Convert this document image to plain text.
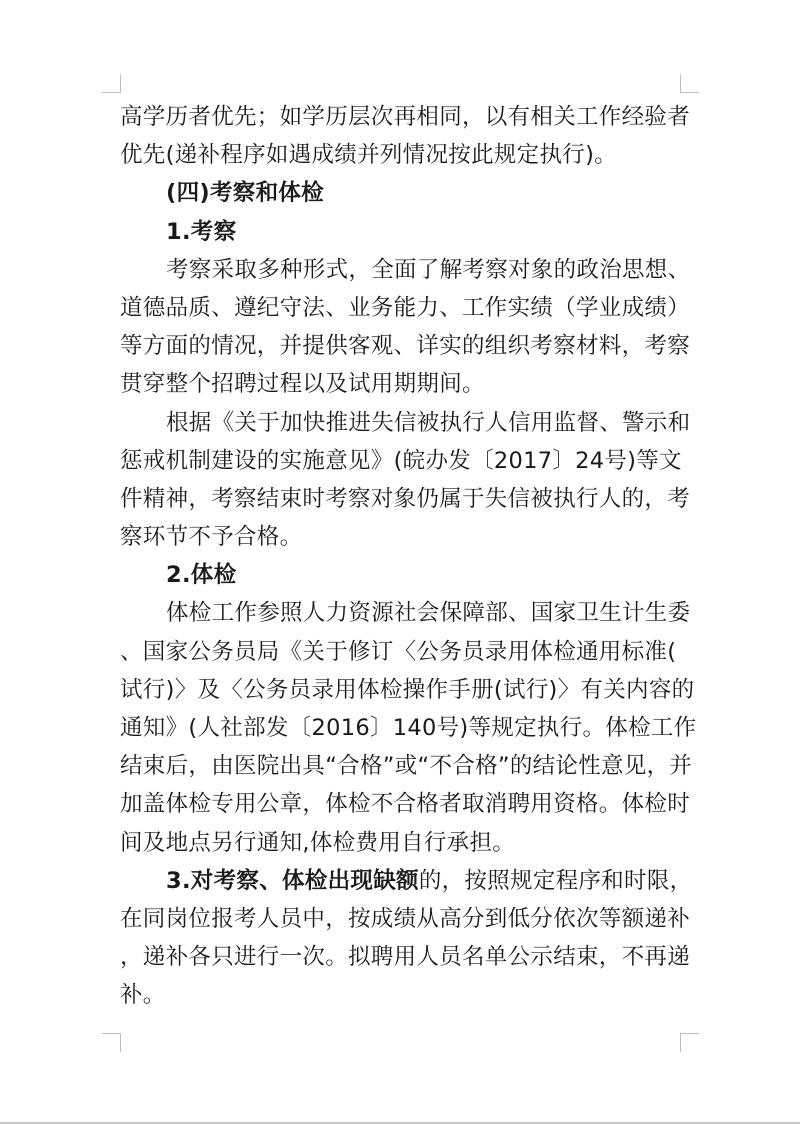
高学历者优先；如学历层次再相同，以有相关工作经验者
优先(递补程序如遇成绩并列情况按此规定执行)。
(四)考察和体检
1.考察
考察采取多种形式，全面了解考察对象的政治思想、
道德品质、遵纪守法、业务能力、工作实绩（学业成绩）
等方面的情况，并提供客观、详实的组织考察材料，考察
贯穿整个招聘过程以及试用期期间。
根据《关于加快推进失信被执行人信用监督、警示和
惩戒机制建设的实施意见》(皖办发〔2017〕24号)等文
件精神，考察结束时考察对象仍属于失信被执行人的，考
察环节不予合格。
2.体检
体检工作参照人力资源社会保障部、国家卫生计生委
、国家公务员局《关于修订〈公务员录用体检通用标准(
试行)〉及〈公务员录用体检操作手册(试行)〉有关内容的
通知》(人社部发〔2016〕140号)等规定执行。体检工作
结束后，由医院出具“合格”或“不合格”的结论性意见，并
加盖体检专用公章，体检不合格者取消聘用资格。体检时
间及地点另行通知,体检费用自行承担。
3.对考察、体检出现缺额的，按照规定程序和时限，
在同岗位报考人员中，按成绩从高分到低分依次等额递补
，递补各只进行一次。拟聘用人员名单公示结束，不再递
补。
